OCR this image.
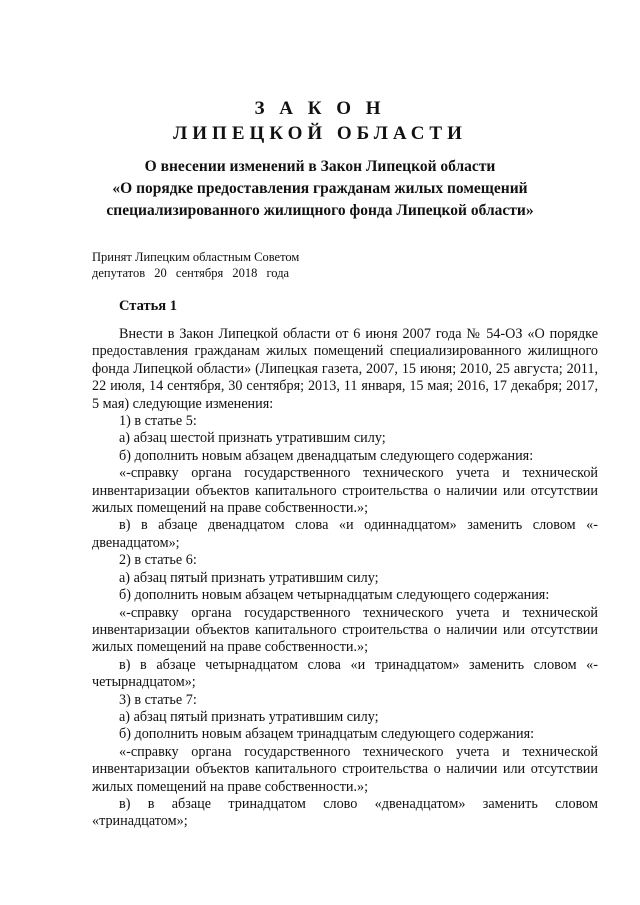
З А К О Н
ЛИПЕЦКОЙ ОБЛАСТИ
О внесении изменений в Закон Липецкой области
«О порядке предоставления гражданам жилых помещений
специализированного жилищного фонда Липецкой области»
Принят Липецким областным Советом
депутатов 20 сентября 2018 года
Статья 1

Внести в Закон Липецкой области от 6 июня 2007 года № 54-ОЗ «О порядке предоставления гражданам жилых помещений специализированного жилищного фонда Липецкой области» (Липецкая газета, 2007, 15 июня; 2010, 25 августа; 2011, 22 июля, 14 сентября, 30 сентября; 2013, 11 января, 15 мая; 2016, 17 декабря; 2017, 5 мая) следующие изменения:

1) в статье 5:

а) абзац шестой признать утратившим силу;

б) дополнить новым абзацем двенадцатым следующего содержания:

«-справку органа государственного технического учета и технической инвентаризации объектов капитального строительства о наличии или отсутствии жилых помещений на праве собственности.»;

в) в абзаце двенадцатом слова «и одиннадцатом» заменить словом «- двенадцатом»;

2) в статье 6:

а) абзац пятый признать утратившим силу;

б) дополнить новым абзацем четырнадцатым следующего содержания:

«-справку органа государственного технического учета и технической инвентаризации объектов капитального строительства о наличии или отсутствии жилых помещений на праве собственности.»;

в) в абзаце четырнадцатом слова «и тринадцатом» заменить словом «-четырнадцатом»;

3) в статье 7:

а) абзац пятый признать утратившим силу;

б) дополнить новым абзацем тринадцатым следующего содержания:

«-справку органа государственного технического учета и технической инвентаризации объектов капитального строительства о наличии или отсутствии жилых помещений на праве собственности.»;

в) в абзаце тринадцатом слово «двенадцатом» заменить словом «тринадцатом»;
